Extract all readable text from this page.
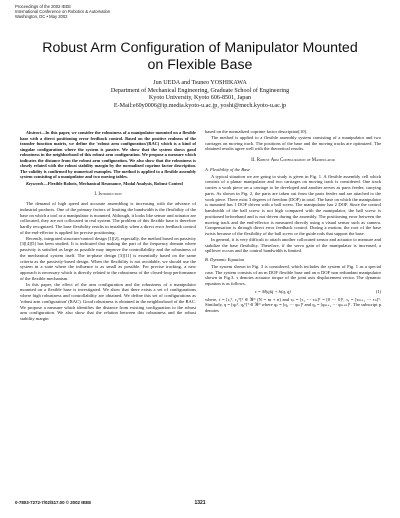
Proceedings of the 2002 IEEE
International Conference on Robotics & Automation
Washington, DC • May 2002
Robust Arm Configuration of Manipulator Mounted
on Flexible Base
Jun UEDA and Tsuneo YOSHIKAWA
Department of Mechanical Engineering, Graduate School of Engineering
Kyoto University, Kyoto 606-8501, Japan
E-Mail:e60y0006@ip.media.kyoto-u.ac.jp, yoshi@mech.kyoto-u.ac.jp

Abstract—In this paper, we consider the robustness of a manipulator mounted on a flexible base with a direct positioning error feedback control. Based on the positive realness of the transfer function matrix, we define the 'robust arm configuration'(RAC) which is a kind of singular configuration where the system is passive. We show that the system shows good robustness in the neighborhood of this robust arm configuration. We propose a measure which indicates the distance from the robust arm configuration. We also show that the robustness is closely related with the robust stability margin by the normalized coprime factor description. The validity is confirmed by numerical examples. The method is applied to a flexible assembly system consisting of a manipulator and two moving tables.

Keywords—Flexible Robots, Mechanical Resonance, Modal Analysis, Robust Control

I. Introduction

The demand of high speed and accurate assembling is increasing with the advance of industrial products. One of the primary factors of limiting the bandwidth is the flexibility of the base on which a tool or a manipulator is mounted. Although, it looks like sensor and actuator are collocated, they are not collocated in real system. The problem of this flexible base is therefore hardly recognized. The base flexibility results in instability when a direct error feedback control of the end-effector is applied for precise positioning.

Recently, integrated structure/control design [1][2], especially, the method based on passivity [3][4][5] has been studied. It is indicated that making the part of the frequency domain where passivity is satisfied as large as possible may improve the controllability and the robustness of the mechanical system itself. The in-phase design [3][11] is essentially based on the same criteria as the passivity-based design. When the flexibility is not avoidable, we should use the system in a state where the influence is as small as possible. For precise tracking, a new approach is necessary which is directly related to the robustness of the closed-loop performance of the flexible mechanism.

In this paper, the effect of the arm configuration and the robustness of a manipulator mounted on a flexible base is investigated. We show that there exists a set of configurations where high robustness and controllability are obtained. We define this set of configurations as 'robust arm configuration' (RAC). Good robustness is obtained in the neighborhood of the RAC. We propose a measure which identifies the distance from existing configuration to the robust arm configuration. We also show that the relation between this robustness and the robust stability margin

based on the normalized coprime factor description[10].

The method is applied to a flexible assembly system consisting of a manipulator and two carriages on moving track. The positions of the base and the moving tracks are optimized. The obtained results agree well with the theoretical results.

II. Robust Arm Configuration of Manipulator
A. Flexibility of the Base

A typical situation we are going to study is given in Fig. 1. A flexible assembly cell which consists of a planar manipulator and two carriages on moving track is considered. One track carries a work piece on a carriage to be developed and another serves as parts feeder, carrying parts. As shown in Fig. 2, the parts are taken out from the parts feeder and are attached to the work piece. There exist 3 degrees of freedom (DOF) in total. The base on which the manipulator is mounted has 1 DOF driven with a ball screw. The manipulator has 2 DOF. Since the control bandwidth of the ball screw is not high compared with the manipulator, the ball screw is positioned beforehand and is not driven during the assembly. The positioning error between the moving track and the end-effector is measured directly using a visual sensor such as camera. Compensation is through direct error feedback control. During a motion, the root of the base twists because of the flexibility of the ball screw or the guide rods that support the base.

In general, it is very difficult to attach another collocated sensor and actuator to measure and stabilize the base flexibility. Therefore, if the servo gain of the manipulator is increased, a spillover occurs and the control bandwidth is limited.

B. Dynamic Equation

The system shown in Fig. 3 is considered, which includes the system of Fig. 1 as a special case. The system consists of an m DOF flexible base and an n DOF non redundant manipulator shown in Fig.3. τ denotes actuator torque of the joint axis displacement vector. The dynamic equation is as follows,

τ = M(q)q̈ + h(q, q̇)	(1)

where, r = [r₁ᵀ, r₂ᵀ]ᵀ ∈ ℜᴺ (N = m + n) and τₚ = [τ₁ ⋯ τₘ]ᵀ = [0 ⋯ 0]ᵀ, τₐ = [τₘ₊₁ ⋯ τₙ]ᵀ. Similarly, q = [qₚᵀ, qₐᵀ]ᵀ ∈ ℜᴺ where qₚ = [q₁ ⋯ qₘ]ᵀ and qₐ = [qₘ₊₁ ⋯ qₘ₊ₙ]ᵀ. The subscript p denotes

0-7803-7272-7/02/$17.00 © 2002 IEEE	1321
